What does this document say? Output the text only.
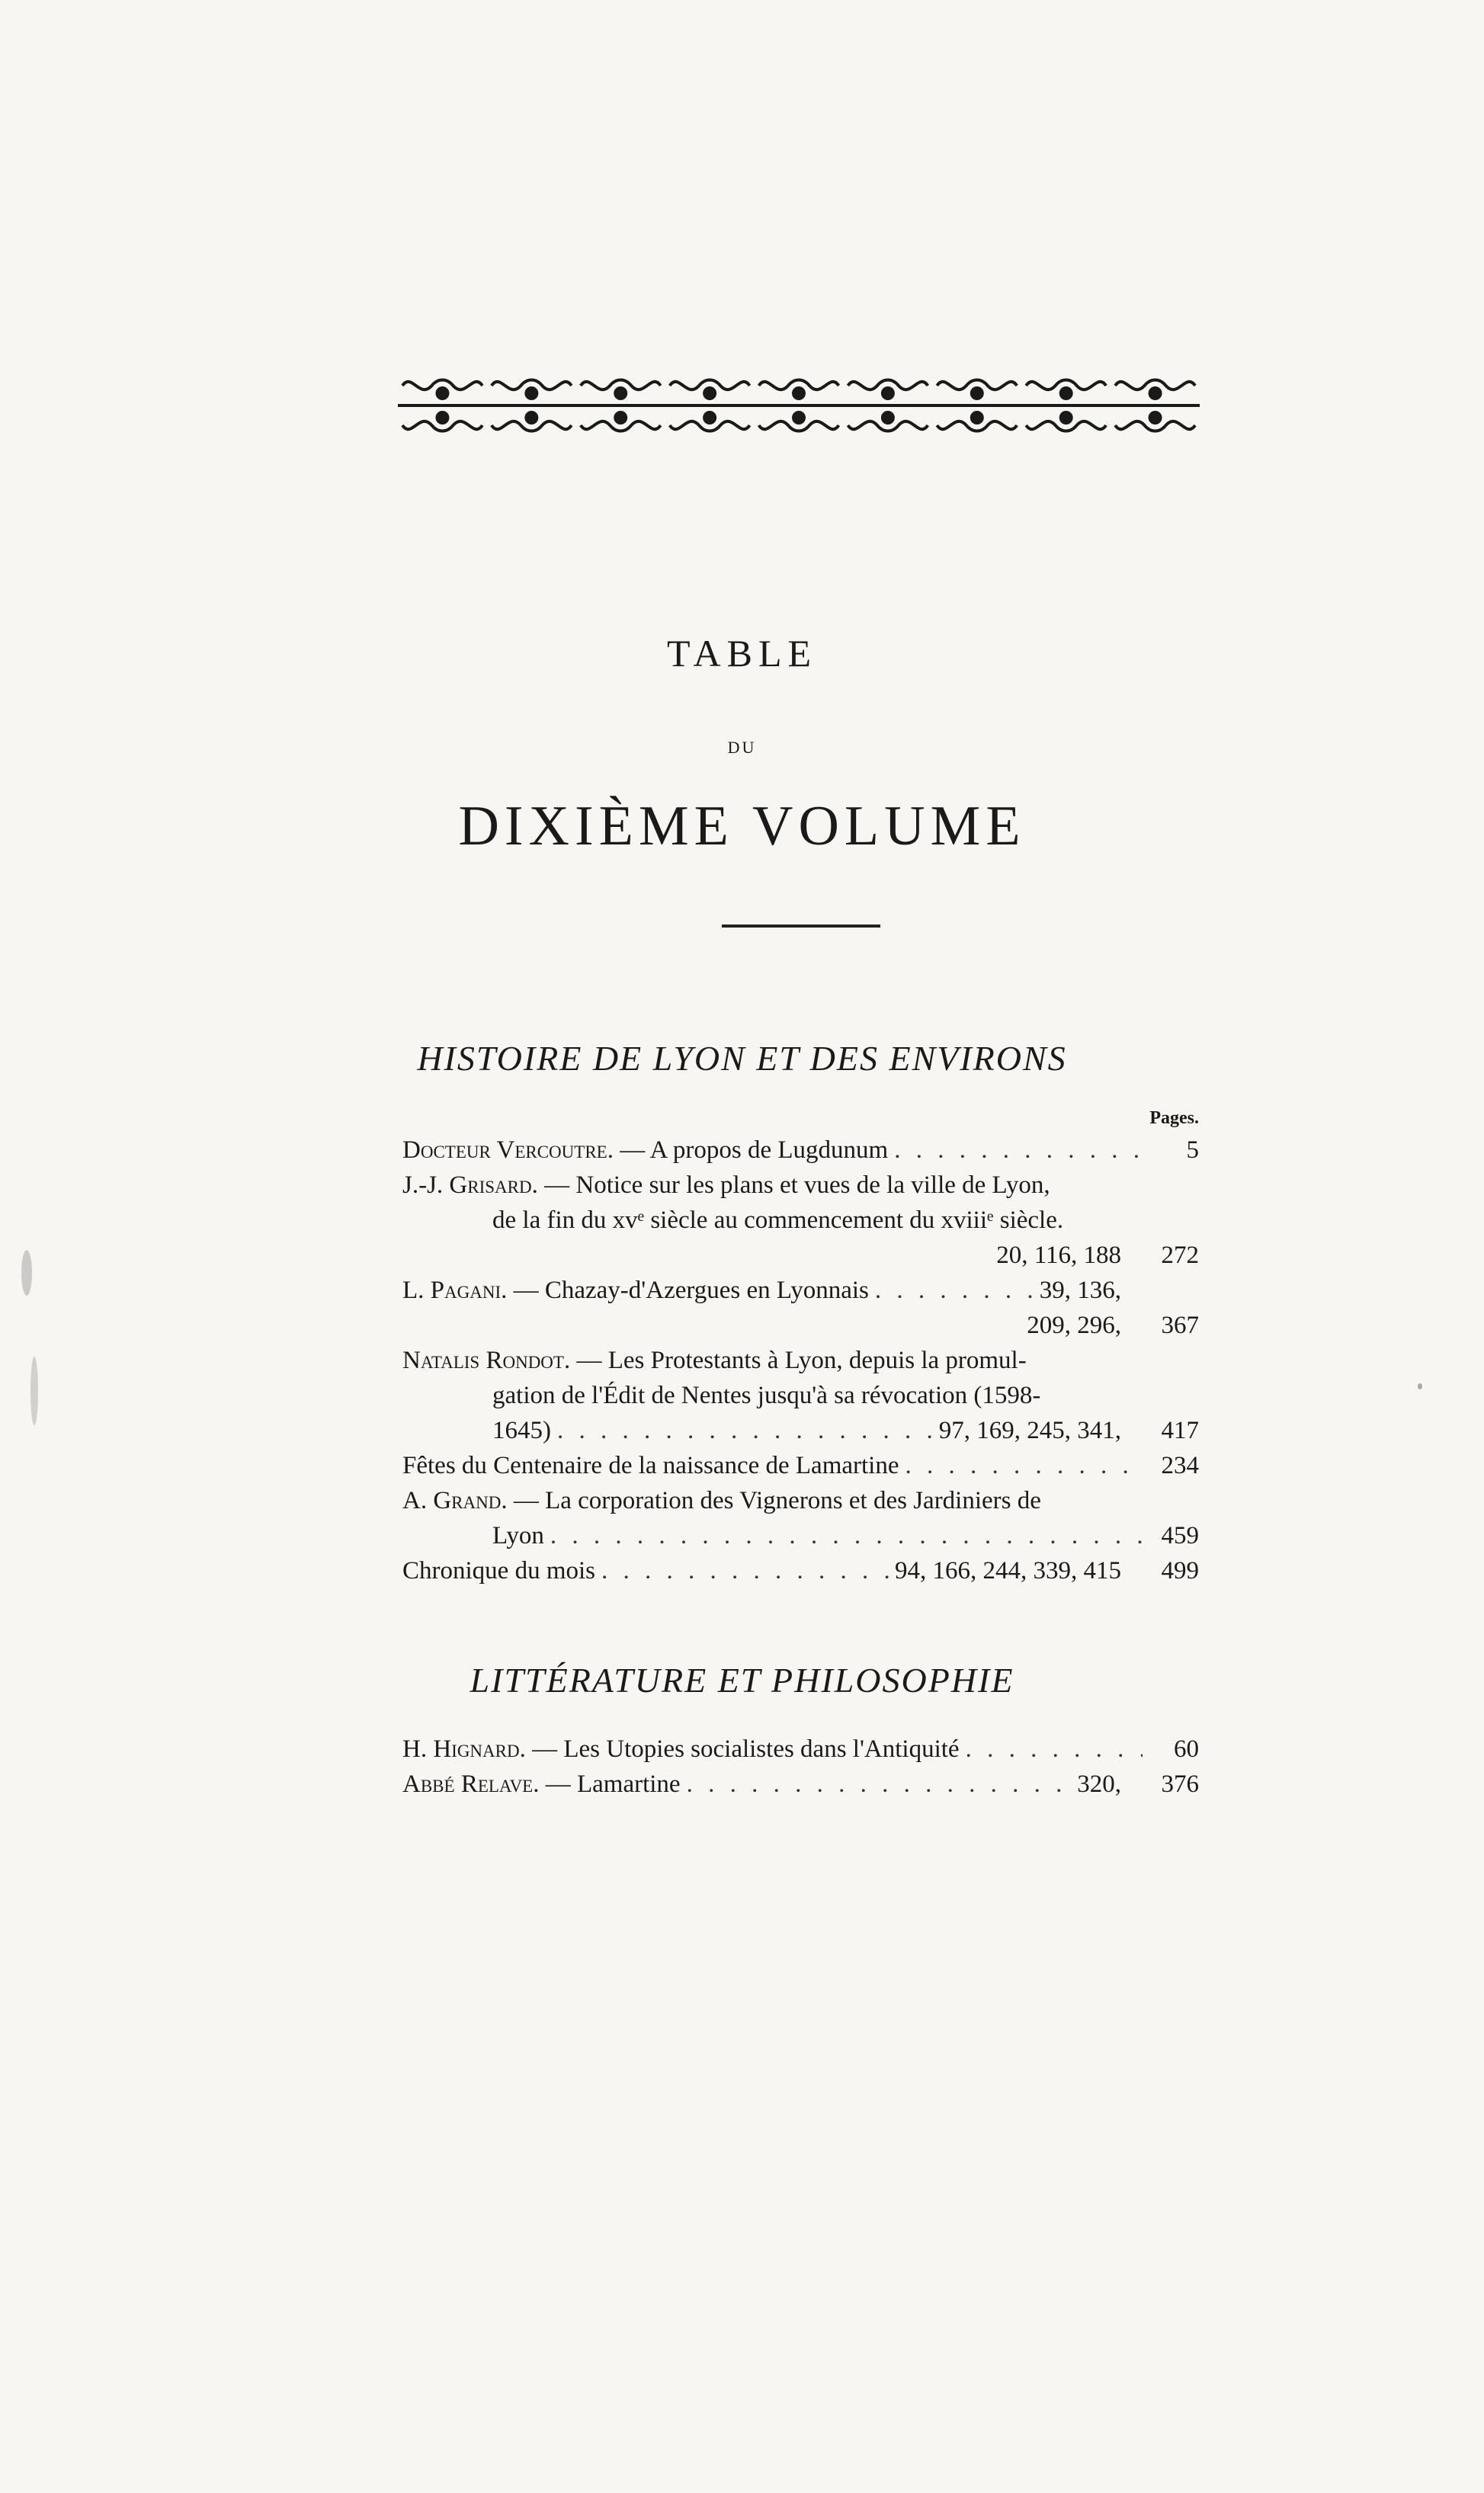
TABLE
DU
DIXIÈME VOLUME
HISTOIRE DE LYON ET DES ENVIRONS
Pages.
Docteur Vercoutre. — A propos de Lugdunum . . .	5
J.-J. Grisard. — Notice sur les plans et vues de la ville de Lyon,
de la fin du xvᵉ siècle au commencement du xviiiᵉ siècle.
20, 116, 188	272
L. Pagani. — Chazay-d'Azergues en Lyonnais . . .	39, 136,
209, 296,	367
Natalis Rondot. — Les Protestants à Lyon, depuis la promul-
gation de l'Édit de Nentes jusqu'à sa révocation (1598-
1645) . . .	97, 169, 245, 341,	417
Fêtes du Centenaire de la naissance de Lamartine . . .	234
A. Grand. — La corporation des Vignerons et des Jardiniers de
Lyon . . .	459
Chronique du mois . . .	94, 166, 244, 339, 415	499
LITTÉRATURE ET PHILOSOPHIE
H. Hignard. — Les Utopies socialistes dans l'Antiquité . . .	60
Abbé Relave. — Lamartine . . .	320,	376
